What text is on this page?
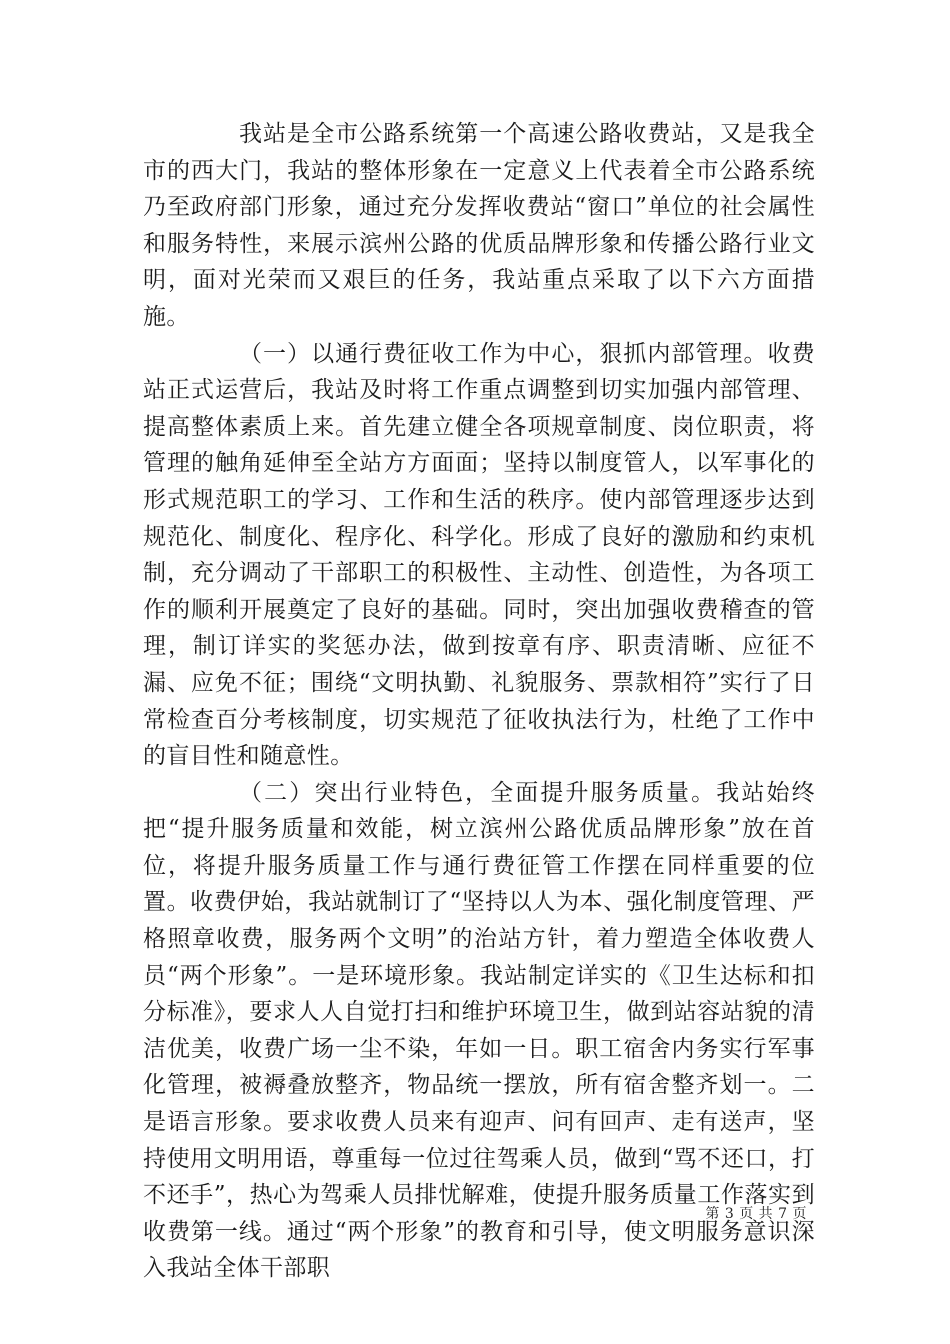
我站是全市公路系统第一个高速公路收费站，又是我全市的西大门，我站的整体形象在一定意义上代表着全市公路系统乃至政府部门形象，通过充分发挥收费站“窗口”单位的社会属性和服务特性，来展示滨州公路的优质品牌形象和传播公路行业文明，面对光荣而又艰巨的任务，我站重点采取了以下六方面措施。

（一）以通行费征收工作为中心，狠抓内部管理。收费站正式运营后，我站及时将工作重点调整到切实加强内部管理、提高整体素质上来。首先建立健全各项规章制度、岗位职责，将管理的触角延伸至全站方方面面；坚持以制度管人，以军事化的形式规范职工的学习、工作和生活的秩序。使内部管理逐步达到规范化、制度化、程序化、科学化。形成了良好的激励和约束机制，充分调动了干部职工的积极性、主动性、创造性，为各项工作的顺利开展奠定了良好的基础。同时，突出加强收费稽查的管理，制订详实的奖惩办法，做到按章有序、职责清晰、应征不漏、应免不征；围绕“文明执勤、礼貌服务、票款相符”实行了日常检查百分考核制度，切实规范了征收执法行为，杜绝了工作中的盲目性和随意性。

（二）突出行业特色，全面提升服务质量。我站始终把“提升服务质量和效能，树立滨州公路优质品牌形象”放在首位，将提升服务质量工作与通行费征管工作摆在同样重要的位置。收费伊始，我站就制订了“坚持以人为本、强化制度管理、严格照章收费，服务两个文明”的治站方针，着力塑造全体收费人员“两个形象”。一是环境形象。我站制定详实的《卫生达标和扣分标准》，要求人人自觉打扫和维护环境卫生，做到站容站貌的清洁优美，收费广场一尘不染，年如一日。职工宿舍内务实行军事化管理，被褥叠放整齐，物品统一摆放，所有宿舍整齐划一。二是语言形象。要求收费人员来有迎声、问有回声、走有送声，坚持使用文明用语，尊重每一位过往驾乘人员，做到“骂不还口，打不还手”，热心为驾乘人员排忧解难，使提升服务质量工作落实到收费第一线。通过“两个形象”的教育和引导，使文明服务意识深入我站全体干部职

第 3 页 共 7 页
